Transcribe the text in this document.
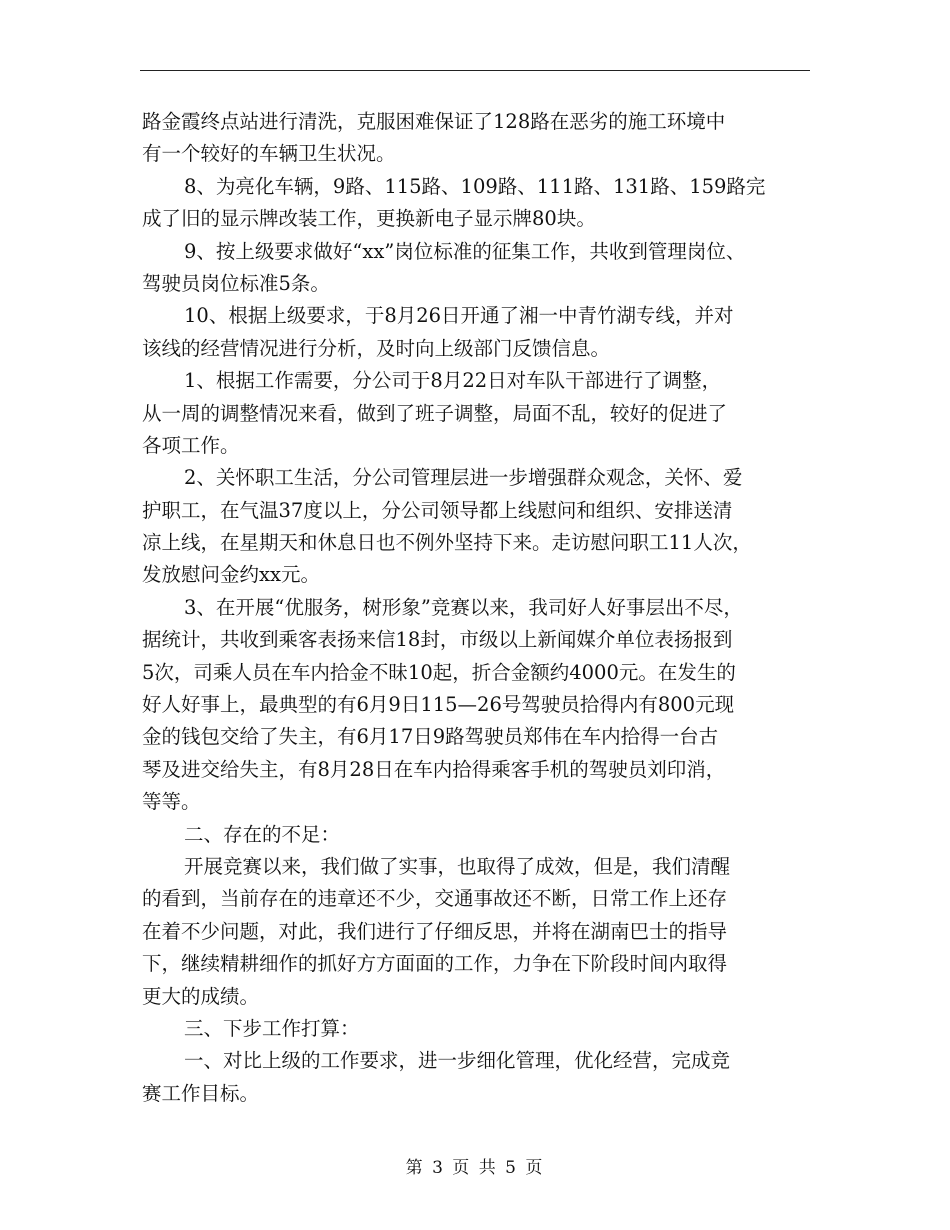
路金霞终点站进行清洗，克服困难保证了128路在恶劣的施工环境中
有一个较好的车辆卫生状况。
8、为亮化车辆，9路、115路、109路、111路、131路、159路完
成了旧的显示牌改装工作，更换新电子显示牌80块。
9、按上级要求做好“xx”岗位标准的征集工作，共收到管理岗位、
驾驶员岗位标准5条。
10、根据上级要求，于8月26日开通了湘一中青竹湖专线，并对
该线的经营情况进行分析，及时向上级部门反馈信息。
1、根据工作需要，分公司于8月22日对车队干部进行了调整，
从一周的调整情况来看，做到了班子调整，局面不乱，较好的促进了
各项工作。
2、关怀职工生活，分公司管理层进一步增强群众观念，关怀、爱
护职工，在气温37度以上，分公司领导都上线慰问和组织、安排送清
凉上线，在星期天和休息日也不例外坚持下来。走访慰问职工11人次，
发放慰问金约xx元。
3、在开展“优服务，树形象”竞赛以来，我司好人好事层出不尽，
据统计，共收到乘客表扬来信18封，市级以上新闻媒介单位表扬报到
5次，司乘人员在车内拾金不昧10起，折合金额约4000元。在发生的
好人好事上，最典型的有6月9日115—26号驾驶员拾得内有800元现
金的钱包交给了失主，有6月17日9路驾驶员郑伟在车内拾得一台古
琴及进交给失主，有8月28日在车内拾得乘客手机的驾驶员刘印消，
等等。
二、存在的不足：
开展竞赛以来，我们做了实事，也取得了成效，但是，我们清醒
的看到，当前存在的违章还不少，交通事故还不断，日常工作上还存
在着不少问题，对此，我们进行了仔细反思，并将在湖南巴士的指导
下，继续精耕细作的抓好方方面面的工作，力争在下阶段时间内取得
更大的成绩。
三、下步工作打算：
一、对比上级的工作要求，进一步细化管理，优化经营，完成竞
赛工作目标。
第 3 页 共 5 页
